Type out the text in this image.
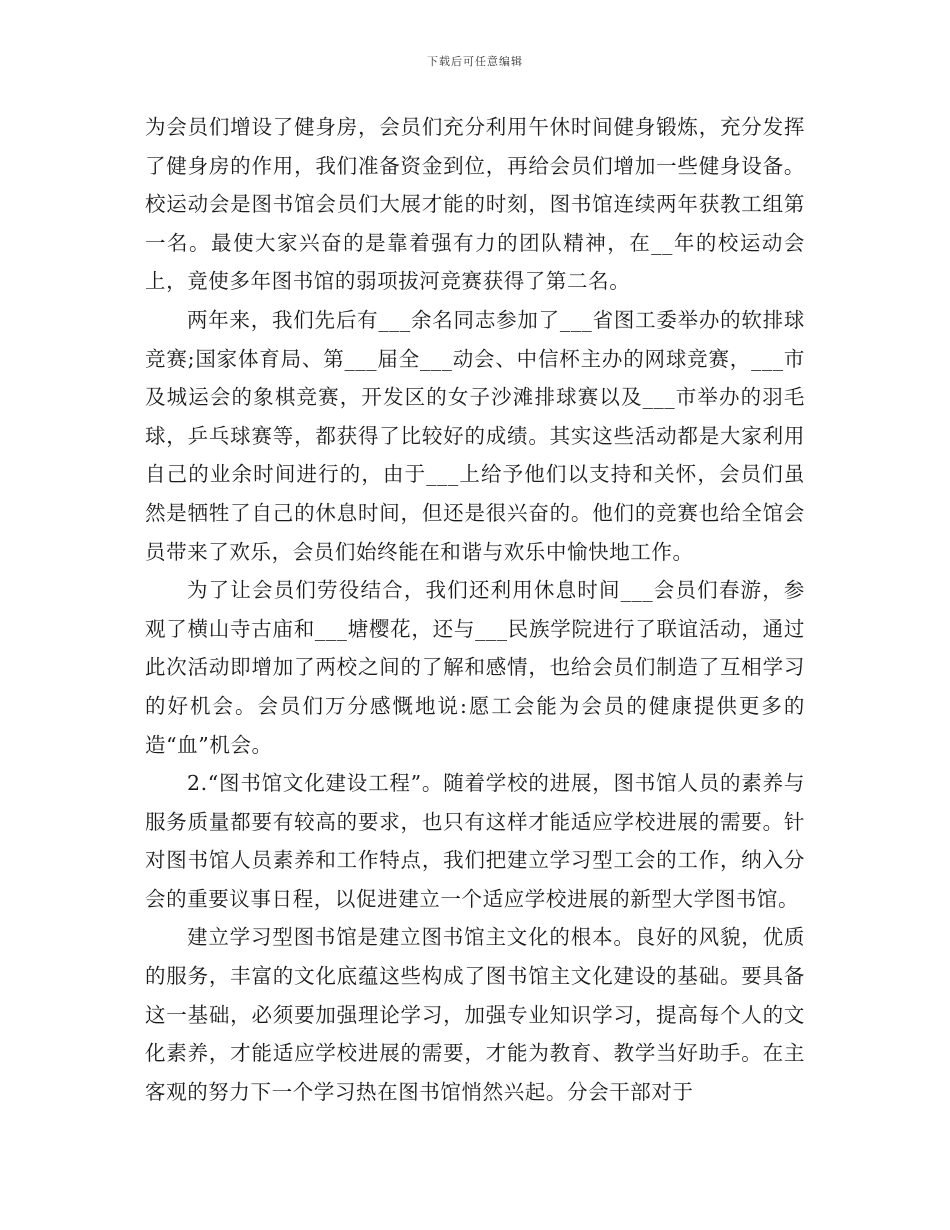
下载后可任意编辑

为会员们增设了健身房，会员们充分利用午休时间健身锻炼，充分发挥了健身房的作用，我们准备资金到位，再给会员们增加一些健身设备。校运动会是图书馆会员们大展才能的时刻，图书馆连续两年获教工组第一名。最使大家兴奋的是靠着强有力的团队精神，在__年的校运动会上，竟使多年图书馆的弱项拔河竞赛获得了第二名。

两年来，我们先后有___余名同志参加了___省图工委举办的软排球竞赛;国家体育局、第___届全___动会、中信杯主办的网球竞赛，___市及城运会的象棋竞赛，开发区的女子沙滩排球赛以及___市举办的羽毛球，乒乓球赛等，都获得了比较好的成绩。其实这些活动都是大家利用自己的业余时间进行的，由于___上给予他们以支持和关怀，会员们虽然是牺牲了自己的休息时间，但还是很兴奋的。他们的竞赛也给全馆会员带来了欢乐，会员们始终能在和谐与欢乐中愉快地工作。

为了让会员们劳役结合，我们还利用休息时间___会员们春游，参观了横山寺古庙和___塘樱花，还与___民族学院进行了联谊活动，通过此次活动即增加了两校之间的了解和感情，也给会员们制造了互相学习的好机会。会员们万分感慨地说:愿工会能为会员的健康提供更多的造“血”机会。

2.“图书馆文化建设工程”。随着学校的进展，图书馆人员的素养与服务质量都要有较高的要求，也只有这样才能适应学校进展的需要。针对图书馆人员素养和工作特点，我们把建立学习型工会的工作，纳入分会的重要议事日程，以促进建立一个适应学校进展的新型大学图书馆。

建立学习型图书馆是建立图书馆主文化的根本。良好的风貌，优质的服务，丰富的文化底蕴这些构成了图书馆主文化建设的基础。要具备这一基础，必须要加强理论学习，加强专业知识学习，提高每个人的文化素养，才能适应学校进展的需要，才能为教育、教学当好助手。在主客观的努力下一个学习热在图书馆悄然兴起。分会干部对于
